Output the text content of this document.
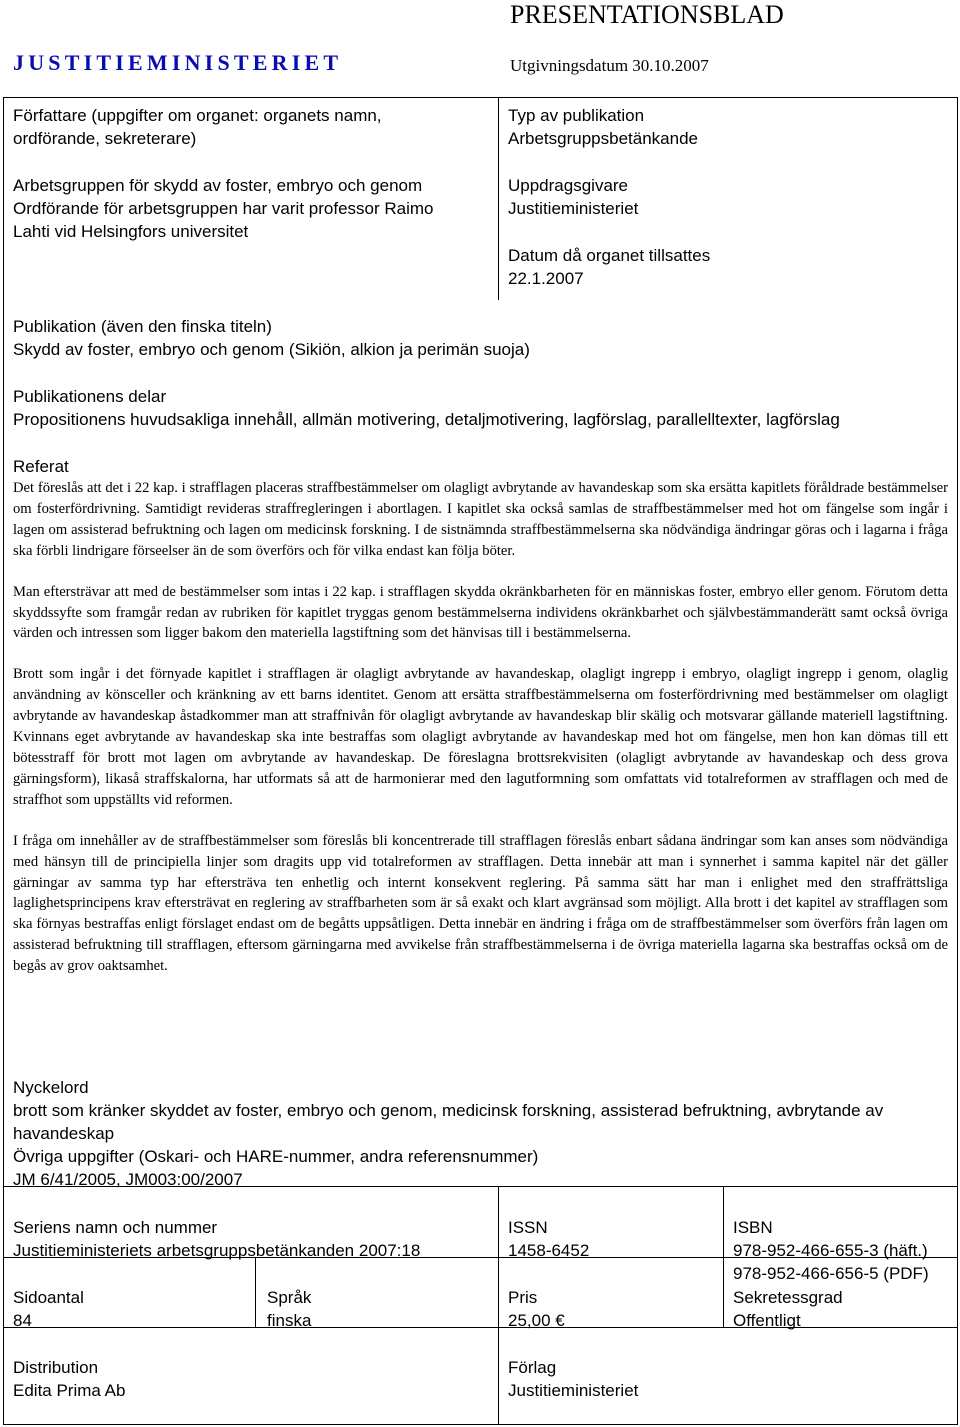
PRESENTATIONSBLAD
JUSTITIEMINISTERIET	Utgivningsdatum 30.10.2007
Författare (uppgifter om organet: organets namn,
ordförande, sekreterare)
Arbetsgruppen för skydd av foster, embryo och genom
Ordförande för arbetsgruppen har varit professor Raimo
Lahti vid Helsingfors universitet
Typ av publikation
Arbetsgruppsbetänkande
Uppdragsgivare
Justitieministeriet
Datum då organet tillsattes
22.1.2007
Publikation (även den finska titeln)
Skydd av foster, embryo och genom (Sikiön, alkion ja perimän suoja)
Publikationens delar
Propositionens huvudsakliga innehåll, allmän motivering, detaljmotivering, lagförslag, parallelltexter, lagförslag
Referat

Det föreslås att det i 22 kap. i strafflagen placeras straffbestämmelser om olagligt avbrytande av havandeskap som ska ersätta kapitlets föråldrade bestämmelser om fosterfördrivning. Samtidigt revideras straffregleringen i abortlagen. I kapitlet ska också samlas de straffbestämmelser med hot om fängelse som ingår i lagen om assisterad befruktning och lagen om medicinsk forskning. I de sistnämnda straffbestämmelserna ska nödvändiga ändringar göras och i lagarna i fråga ska förbli lindrigare förseelser än de som överförs och för vilka endast kan följa böter.

Man eftersträvar att med de bestämmelser som intas i 22 kap. i strafflagen skydda okränkbarheten för en människas foster, embryo eller genom. Förutom detta skyddssyfte som framgår redan av rubriken för kapitlet tryggas genom bestämmelserna individens okränkbarhet och självbestämmanderätt samt också övriga värden och intressen som ligger bakom den materiella lagstiftning som det hänvisas till i bestämmelserna.

Brott som ingår i det förnyade kapitlet i strafflagen är olagligt avbrytande av havandeskap, olagligt ingrepp i embryo, olagligt ingrepp i genom, olaglig användning av könsceller och kränkning av ett barns identitet. Genom att ersätta straffbestämmelserna om fosterfördrivning med bestämmelser om olagligt avbrytande av havandeskap åstadkommer man att straffnivån för olagligt avbrytande av havandeskap blir skälig och motsvarar gällande materiell lagstiftning. Kvinnans eget avbrytande av havandeskap ska inte bestraffas som olagligt avbrytande av havandeskap med hot om fängelse, men hon kan dömas till ett bötesstraff för brott mot lagen om avbrytande av havandeskap. De föreslagna brottsrekvisiten (olagligt avbrytande av havandeskap och dess grova gärningsform), likaså straffskalorna, har utformats så att de harmonierar med den lagutformning som omfattats vid totalreformen av strafflagen och med de straffhot som uppställts vid reformen.

I fråga om innehåller av de straffbestämmelser som föreslås bli koncentrerade till strafflagen föreslås enbart sådana ändringar som kan anses som nödvändiga med hänsyn till de principiella linjer som dragits upp vid totalreformen av strafflagen. Detta innebär att man i synnerhet i samma kapitel när det gäller gärningar av samma typ har eftersträva ten enhetlig och internt konsekvent reglering. På samma sätt har man i enlighet med den straffrättsliga laglighetsprincipens krav eftersträvat en reglering av straffbarheten som är så exakt och klart avgränsad som möjligt. Alla brott i det kapitel av strafflagen som ska förnyas bestraffas enligt förslaget endast om de begåtts uppsåtligen. Detta innebär en ändring i fråga om de straffbestämmelser som överförs från lagen om assisterad befruktning till strafflagen, eftersom gärningarna med avvikelse från straffbestämmelserna i de övriga materiella lagarna ska bestraffas också om de begås av grov oaktsamhet.

Nyckelord
brott som kränker skyddet av foster, embryo och genom, medicinsk forskning, assisterad befruktning, avbrytande av havandeskap
Övriga uppgifter (Oskari- och HARE-nummer, andra referensnummer)
JM 6/41/2005, JM003:00/2007
Seriens namn och nummer
Justitieministeriets arbetsgruppsbetänkanden 2007:18
ISSN
1458-6452
ISBN
978-952-466-655-3 (häft.)
978-952-466-656-5 (PDF)
Sidoantal
84
Språk
finska
Pris
25,00 €
Sekretessgrad
Offentligt
Distribution
Edita Prima Ab
Förlag
Justitieministeriet
